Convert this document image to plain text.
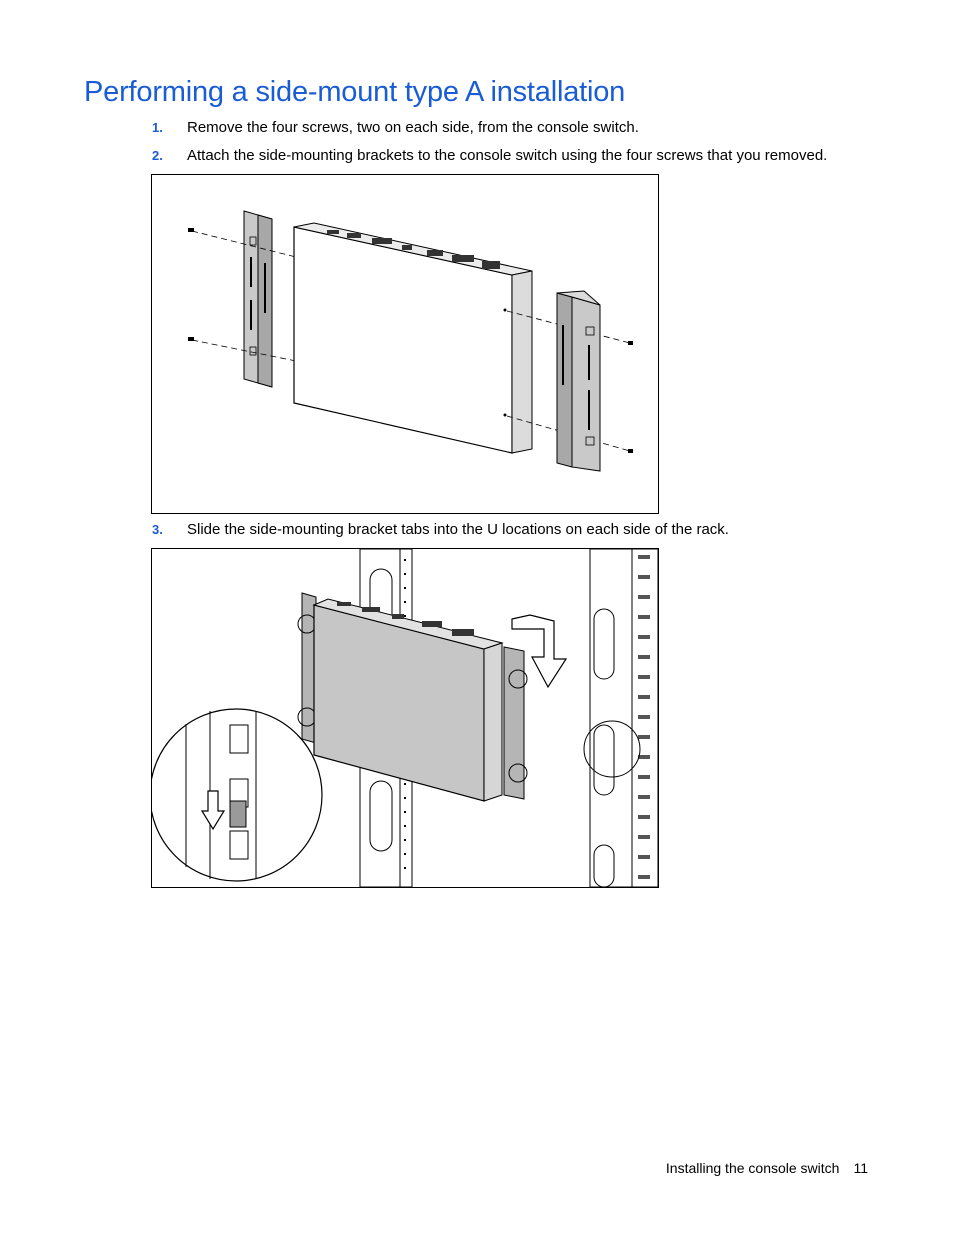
Performing a side-mount type A installation
1. Remove the four screws, two on each side, from the console switch.
2. Attach the side-mounting brackets to the console switch using the four screws that you removed.
3. Slide the side-mounting bracket tabs into the U locations on each side of the rack.
Installing the console switch 11
